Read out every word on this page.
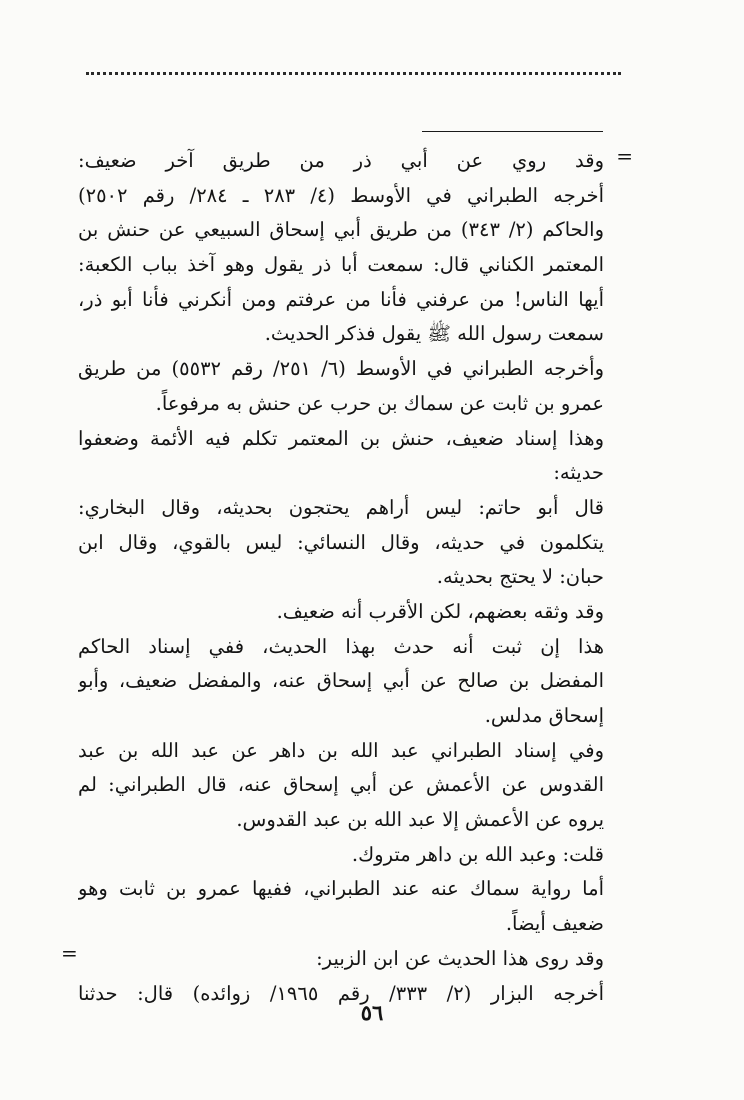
=
وقد روي عن أبي ذر من طريق آخر ضعيف:
أخرجه الطبراني في الأوسط (٤/ ٢٨٣ ـ ٢٨٤/ رقم ٢٥٠٢)
والحاكم (٢/ ٣٤٣) من طريق أبي إسحاق السبيعي عن حنش بن
المعتمر الكناني قال: سمعت أبا ذر يقول وهو آخذ بباب الكعبة:
أيها الناس! من عرفني فأنا من عرفتم ومن أنكرني فأنا أبو ذر،
سمعت رسول الله ﷺ يقول فذكر الحديث.
وأخرجه الطبراني في الأوسط (٦/ ٢٥١/ رقم ٥٥٣٢) من طريق
عمرو بن ثابت عن سماك بن حرب عن حنش به مرفوعاً.
وهذا إسناد ضعيف، حنش بن المعتمر تكلم فيه الأئمة وضعفوا
حديثه:
قال أبو حاتم: ليس أراهم يحتجون بحديثه، وقال البخاري:
يتكلمون في حديثه، وقال النسائي: ليس بالقوي، وقال ابن
حبان: لا يحتج بحديثه.
وقد وثقه بعضهم، لكن الأقرب أنه ضعيف.
هذا إن ثبت أنه حدث بهذا الحديث، ففي إسناد الحاكم
المفضل بن صالح عن أبي إسحاق عنه، والمفضل ضعيف، وأبو
إسحاق مدلس.
وفي إسناد الطبراني عبد الله بن داهر عن عبد الله بن عبد
القدوس عن الأعمش عن أبي إسحاق عنه، قال الطبراني: لم
يروه عن الأعمش إلا عبد الله بن عبد القدوس.
قلت: وعبد الله بن داهر متروك.
أما رواية سماك عنه عند الطبراني، ففيها عمرو بن ثابت وهو
ضعيف أيضاً.
وقد روى هذا الحديث عن ابن الزبير:
أخرجه البزار (٢/ ٣٣٣/ رقم ١٩٦٥/ زوائده) قال: حدثنا
=
٥٦
